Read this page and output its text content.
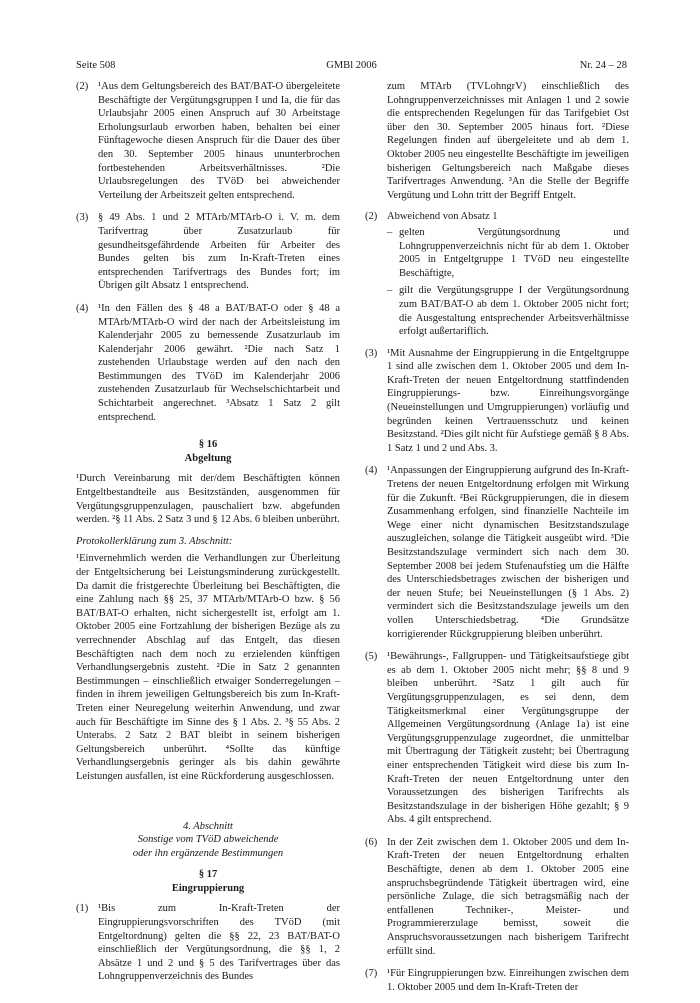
Seite 508	GMBl 2006	Nr. 24 – 28
(2) ¹Aus dem Geltungsbereich des BAT/BAT-O übergeleitete Beschäftigte der Vergütungsgruppen I und Ia, die für das Urlaubsjahr 2005 einen Anspruch auf 30 Arbeitstage Erholungsurlaub erworben haben, behalten bei einer Fünftagewoche diesen Anspruch für die Dauer des über den 30. September 2005 hinaus ununterbrochen fortbestehenden Arbeitsverhältnisses. ²Die Urlaubsregelungen des TVöD bei abweichender Verteilung der Arbeitszeit gelten entsprechend.
(3) § 49 Abs. 1 und 2 MTArb/MTArb-O i. V. m. dem Tarifvertrag über Zusatzurlaub für gesundheitsgefährdende Arbeiten für Arbeiter des Bundes gelten bis zum In-Kraft-Treten eines entsprechenden Tarifvertrags des Bundes fort; im Übrigen gilt Absatz 1 entsprechend.
(4) ¹In den Fällen des § 48 a BAT/BAT-O oder § 48 a MTArb/MTArb-O wird der nach der Arbeitsleistung im Kalenderjahr 2005 zu bemessende Zusatzurlaub im Kalenderjahr 2006 gewährt. ²Die nach Satz 1 zustehenden Urlaubstage werden auf den nach den Bestimmungen des TVöD im Kalenderjahr 2006 zustehenden Zusatzurlaub für Wechselschichtarbeit und Schichtarbeit angerechnet. ³Absatz 1 Satz 2 gilt entsprechend.

§ 16

Abgeltung

¹Durch Vereinbarung mit der/dem Beschäftigten können Entgeltbestandteile aus Besitzständen, ausgenommen für Vergütungsgruppenzulagen, pauschaliert bzw. abgefunden werden. ²§ 11 Abs. 2 Satz 3 und § 12 Abs. 6 bleiben unberührt.

Protokollerklärung zum 3. Abschnitt:

¹Einvernehmlich werden die Verhandlungen zur Überleitung der Entgeltsicherung bei Leistungsminderung zurückgestellt. Da damit die fristgerechte Überleitung bei Beschäftigten, die eine Zahlung nach §§ 25, 37 MTArb/MTArb-O bzw. § 56 BAT/BAT-O erhalten, nicht sichergestellt ist, erfolgt am 1. Oktober 2005 eine Fortzahlung der bisherigen Bezüge als zu verrechnender Abschlag auf das Entgelt, das diesen Beschäftigten nach dem noch zu erzielenden künftigen Verhandlungsergebnis zusteht. ²Die in Satz 2 genannten Bestimmungen – einschließlich etwaiger Sonderregelungen – finden in ihrem jeweiligen Geltungsbereich bis zum In-Kraft-Treten einer Neuregelung weiterhin Anwendung, und zwar auch für Beschäftigte im Sinne des § 1 Abs. 2. ³§ 55 Abs. 2 Unterabs. 2 Satz 2 BAT bleibt in seinem bisherigen Geltungsbereich unberührt. ⁴Sollte das künftige Verhandlungsergebnis geringer als bis dahin gewährte Leistungen ausfallen, ist eine Rückforderung ausgeschlossen.

4. Abschnitt

Sonstige vom TVöD abweichende

oder ihn ergänzende Bestimmungen

§ 17

Eingruppierung

(1) ¹Bis zum In-Kraft-Treten der Eingruppierungsvorschriften des TVöD (mit Entgeltordnung) gelten die §§ 22, 23 BAT/BAT-O einschließlich der Vergütungsordnung, die §§ 1, 2 Absätze 1 und 2 und § 5 des Tarifvertrages über das Lohngruppenverzeichnis des Bundes

zum MTArb (TVLohngrV) einschließlich des Lohngruppenverzeichnisses mit Anlagen 1 und 2 sowie die entsprechenden Regelungen für das Tarifgebiet Ost über den 30. September 2005 hinaus fort. ²Diese Regelungen finden auf übergeleitete und ab dem 1. Oktober 2005 neu eingestellte Beschäftigte im jeweiligen bisherigen Geltungsbereich nach Maßgabe dieses Tarifvertrages Anwendung. ³An die Stelle der Begriffe Vergütung und Lohn tritt der Begriff Entgelt.

(2) Abweichend von Absatz 1
– gelten Vergütungsordnung und Lohngruppenverzeichnis nicht für ab dem 1. Oktober 2005 in Entgeltgruppe 1 TVöD neu eingestellte Beschäftigte,
– gilt die Vergütungsgruppe I der Vergütungsordnung zum BAT/BAT-O ab dem 1. Oktober 2005 nicht fort; die Ausgestaltung entsprechender Arbeitsverhältnisse erfolgt außertariflich.
(3) ¹Mit Ausnahme der Eingruppierung in die Entgeltgruppe 1 sind alle zwischen dem 1. Oktober 2005 und dem In-Kraft-Treten der neuen Entgeltordnung stattfindenden Eingruppierungs- bzw. Einreihungsvorgänge (Neueinstellungen und Umgruppierungen) vorläufig und begründen keinen Vertrauensschutz und keinen Besitzstand. ²Dies gilt nicht für Aufstiege gemäß § 8 Abs. 1 Satz 1 und 2 und Abs. 3.
(4) ¹Anpassungen der Eingruppierung aufgrund des In-Kraft-Tretens der neuen Entgeltordnung erfolgen mit Wirkung für die Zukunft. ²Bei Rückgruppierungen, die in diesem Zusammenhang erfolgen, sind finanzielle Nachteile im Wege einer nicht dynamischen Besitzstandszulage auszugleichen, solange die Tätigkeit ausgeübt wird. ³Die Besitzstandszulage vermindert sich nach dem 30. September 2008 bei jedem Stufenaufstieg um die Hälfte des Unterschiedsbetrages zwischen der bisherigen und der neuen Stufe; bei Neueinstellungen (§ 1 Abs. 2) vermindert sich die Besitzstandszulage jeweils um den vollen Unterschiedsbetrag. ⁴Die Grundsätze korrigierender Rückgruppierung bleiben unberührt.
(5) ¹Bewährungs-, Fallgruppen- und Tätigkeitsaufstiege gibt es ab dem 1. Oktober 2005 nicht mehr; §§ 8 und 9 bleiben unberührt. ²Satz 1 gilt auch für Vergütungsgruppenzulagen, es sei denn, dem Tätigkeitsmerkmal einer Vergütungsgruppe der Allgemeinen Vergütungsordnung (Anlage 1a) ist eine Vergütungsgruppenzulage zugeordnet, die unmittelbar mit Übertragung der Tätigkeit zusteht; bei Übertragung einer entsprechenden Tätigkeit wird diese bis zum In-Kraft-Treten der neuen Entgeltordnung unter den Voraussetzungen des bisherigen Tarifrechts als Besitzstandszulage in der bisherigen Höhe gezahlt; § 9 Abs. 4 gilt entsprechend.
(6) In der Zeit zwischen dem 1. Oktober 2005 und dem In-Kraft-Treten der neuen Entgeltordnung erhalten Beschäftigte, denen ab dem 1. Oktober 2005 eine anspruchsbegründende Tätigkeit übertragen wird, eine persönliche Zulage, die sich betragsmäßig nach der entfallenen Techniker-, Meister- und Programmiererzulage bemisst, soweit die Anspruchsvoraussetzungen nach bisherigem Tarifrecht erfüllt sind.
(7) ¹Für Eingruppierungen bzw. Einreihungen zwischen dem 1. Oktober 2005 und dem In-Kraft-Treten der
